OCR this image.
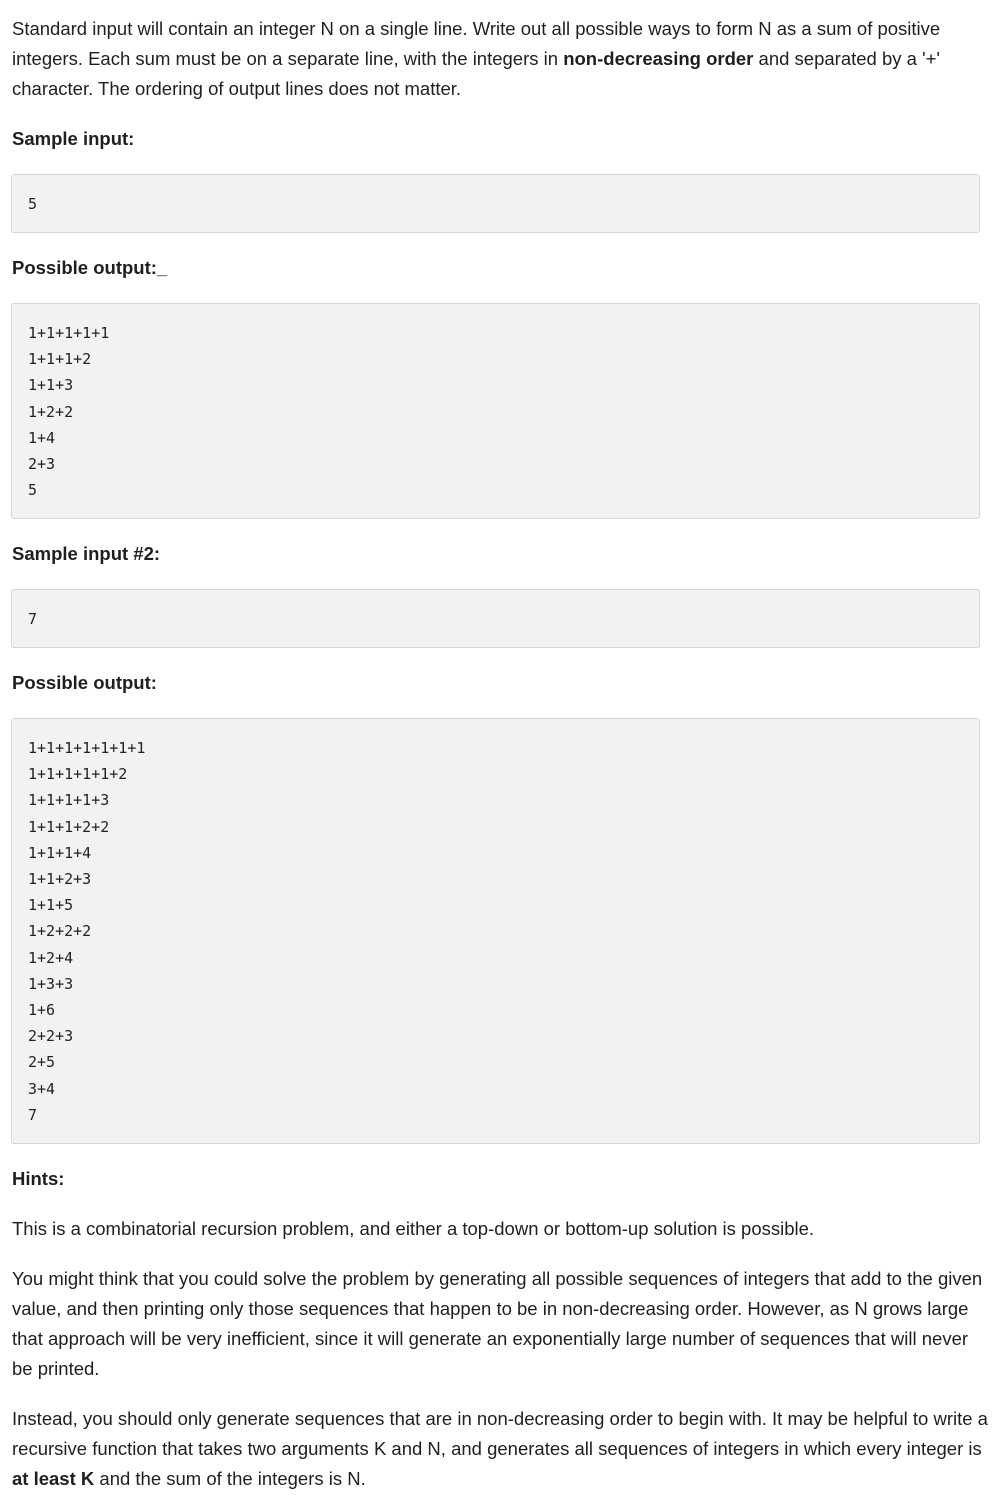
Standard input will contain an integer N on a single line. Write out all possible ways to form N as a sum of positive integers. Each sum must be on a separate line, with the integers in non-decreasing order and separated by a '+' character. The ordering of output lines does not matter.

Sample input:
5
Possible output:_
1+1+1+1+1
1+1+1+2
1+1+3
1+2+2
1+4
2+3
5
Sample input #2:
7
Possible output:
1+1+1+1+1+1+1
1+1+1+1+1+2
1+1+1+1+3
1+1+1+2+2
1+1+1+4
1+1+2+3
1+1+5
1+2+2+2
1+2+4
1+3+3
1+6
2+2+3
2+5
3+4
7
Hints:

This is a combinatorial recursion problem, and either a top-down or bottom-up solution is possible.

You might think that you could solve the problem by generating all possible sequences of integers that add to the given value, and then printing only those sequences that happen to be in non-decreasing order. However, as N grows large that approach will be very inefficient, since it will generate an exponentially large number of sequences that will never be printed.

Instead, you should only generate sequences that are in non-decreasing order to begin with. It may be helpful to write a recursive function that takes two arguments K and N, and generates all sequences of integers in which every integer is at least K and the sum of the integers is N.
